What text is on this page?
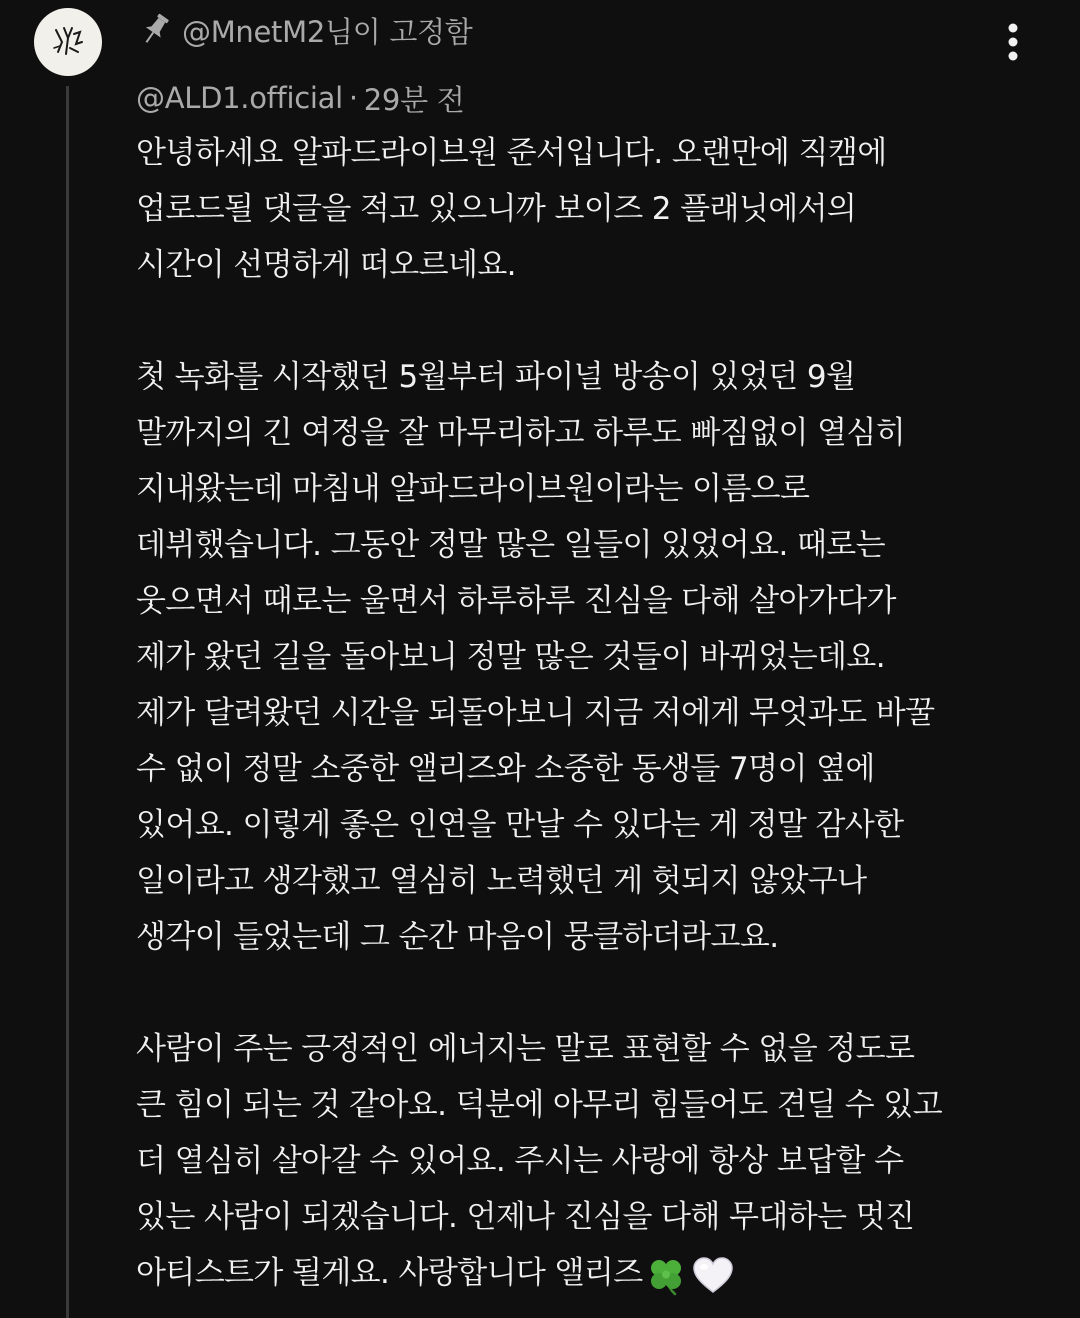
@MnetM2님이 고정함
@ALD1.official · 29분 전
안녕하세요 알파드라이브원 준서입니다. 오랜만에 직캠에
업로드될 댓글을 적고 있으니까 보이즈 2 플래닛에서의
시간이 선명하게 떠오르네요.
첫 녹화를 시작했던 5월부터 파이널 방송이 있었던 9월
말까지의 긴 여정을 잘 마무리하고 하루도 빠짐없이 열심히
지내왔는데 마침내 알파드라이브원이라는 이름으로
데뷔했습니다. 그동안 정말 많은 일들이 있었어요. 때로는
웃으면서 때로는 울면서 하루하루 진심을 다해 살아가다가
제가 왔던 길을 돌아보니 정말 많은 것들이 바뀌었는데요.
제가 달려왔던 시간을 되돌아보니 지금 저에게 무엇과도 바꿀
수 없이 정말 소중한 앨리즈와 소중한 동생들 7명이 옆에
있어요. 이렇게 좋은 인연을 만날 수 있다는 게 정말 감사한
일이라고 생각했고 열심히 노력했던 게 헛되지 않았구나
생각이 들었는데 그 순간 마음이 뭉클하더라고요.
사람이 주는 긍정적인 에너지는 말로 표현할 수 없을 정도로
큰 힘이 되는 것 같아요. 덕분에 아무리 힘들어도 견딜 수 있고
더 열심히 살아갈 수 있어요. 주시는 사랑에 항상 보답할 수
있는 사람이 되겠습니다. 언제나 진심을 다해 무대하는 멋진
아티스트가 될게요. 사랑합니다 앨리즈
